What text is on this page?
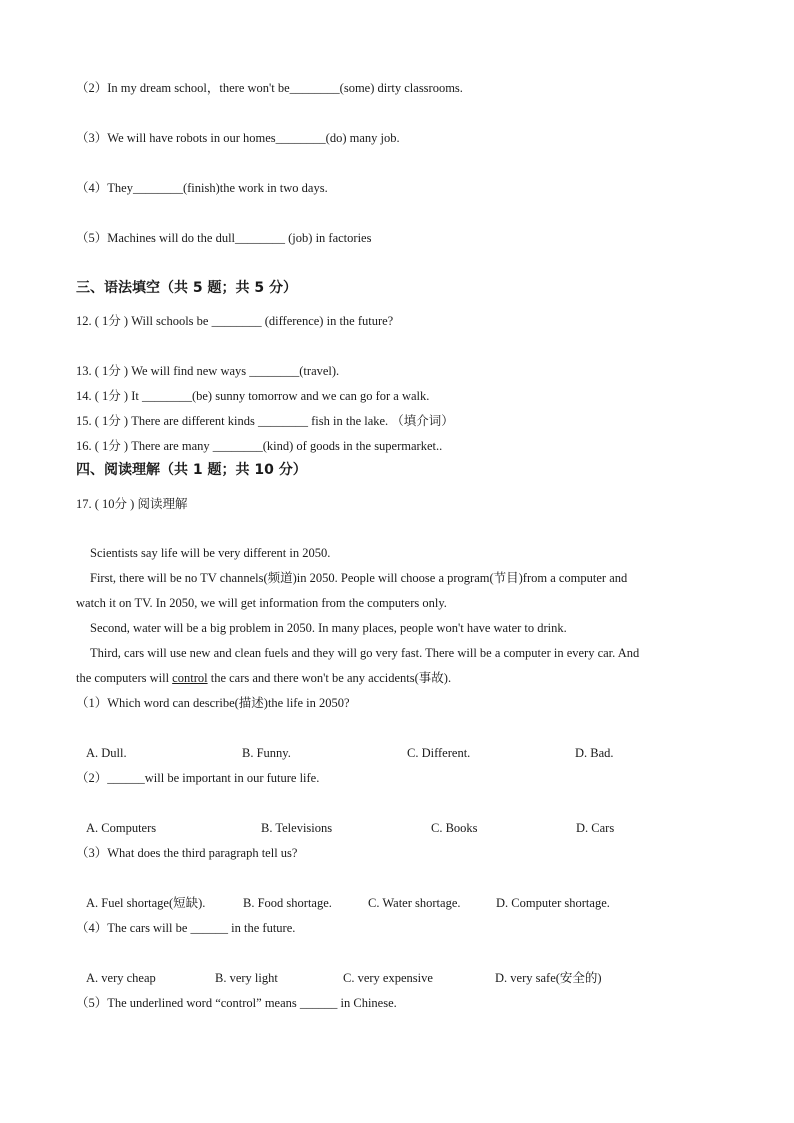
（2）In my dream school，there won't be________(some) dirty classrooms.
（3）We will have robots in our homes________(do) many job.
（4）They________(finish)the work in two days.
（5）Machines will do the dull________ (job) in factories
三、语法填空（共 5 题；共 5 分）
12. ( 1分 ) Will schools be ________ (difference) in the future?
13. ( 1分 ) We will find new ways ________(travel).
14. ( 1分 ) It ________(be) sunny tomorrow and we can go for a walk.
15. ( 1分 ) There are different kinds ________ fish in the lake. （填介词）
16. ( 1分 ) There are many ________(kind) of goods in the supermarket..
四、阅读理解（共 1 题；共 10 分）
17. ( 10分 ) 阅读理解
Scientists say life will be very different in 2050.
First, there will be no TV channels(频道)in 2050. People will choose a program(节目)from a computer and
watch it on TV. In 2050, we will get information from the computers only.
Second, water will be a big problem in 2050. In many places, people won't have water to drink.
Third, cars will use new and clean fuels and they will go very fast. There will be a computer in every car. And
the computers will control the cars and there won't be any accidents(事故).
（1）Which word can describe(描述)the life in 2050?
A. Dull.	B. Funny.	C. Different.	D. Bad.
（2）______will be important in our future life.
A. Computers	B. Televisions	C. Books	D. Cars
（3）What does the third paragraph tell us?
A. Fuel shortage(短缺).	B. Food shortage.	C. Water shortage.	D. Computer shortage.
（4）The cars will be ______ in the future.
A. very cheap	B. very light	C. very expensive	D. very safe(安全的)
（5）The underlined word “control” means ______ in Chinese.
